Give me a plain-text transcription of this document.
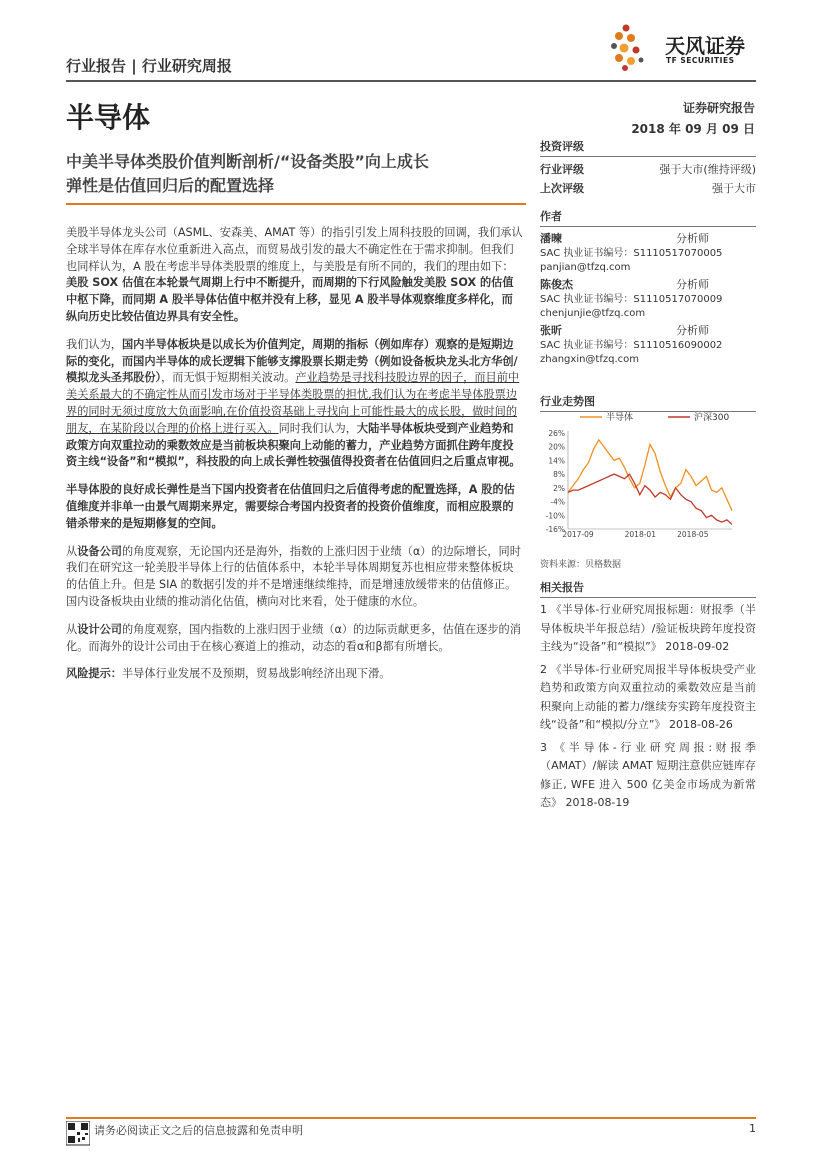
行业报告 | 行业研究周报
半导体	证券研究报告
2018 年 09 月 09 日
天风证券
TF SECURITIES
中美半导体类股价值判断剖析/“设备类股”向上成长
弹性是估值回归后的配置选择

美股半导体龙头公司（ASML、安森美、AMAT 等）的指引引发上周科技股的回调，我们承认全球半导体在库存水位重新进入高点，而贸易战引发的最大不确定性在于需求抑制。但我们也同样认为，A 股在考虑半导体类股票的维度上，与美股是有所不同的，我们的理由如下：美股 SOX 估值在本轮景气周期上行中不断提升，而周期的下行风险触发美股 SOX 的估值中枢下降，而同期 A 股半导体估值中枢并没有上移，显见 A 股半导体观察维度多样化，而纵向历史比较估值边界具有安全性。

我们认为，国内半导体板块是以成长为价值判定，周期的指标（例如库存）观察的是短期边际的变化，而国内半导体的成长逻辑下能够支撑股票长期走势（例如设备板块龙头北方华创/模拟龙头圣邦股份），而无惧于短期相关波动。产业趋势是寻找科技股边界的因子，而目前中美关系最大的不确定性从而引发市场对于半导体类股票的担忧,我们认为在考虑半导体股票边界的同时无须过度放大负面影响,在价值投资基础上寻找向上可能性最大的成长股，做时间的朋友，在某阶段以合理的价格上进行买入。同时我们认为，大陆半导体板块受到产业趋势和政策方向双重拉动的乘数效应是当前板块积聚向上动能的蓄力，产业趋势方面抓住跨年度投资主线“设备”和“模拟”，科技股的向上成长弹性较强值得投资者在估值回归之后重点审视。

半导体股的良好成长弹性是当下国内投资者在估值回归之后值得考虑的配置选择，A 股的估值维度并非单一由景气周期来界定，需要综合考国内投资者的投资价值维度，而相应股票的错杀带来的是短期修复的空间。

从设备公司的角度观察，无论国内还是海外，指数的上涨归因于业绩（α）的边际增长，同时我们在研究这一轮美股半导体上行的估值体系中，本轮半导体周期复苏也相应带来整体板块的估值上升。但是 SIA 的数据引发的并不是增速继续维持，而是增速放缓带来的估值修正。国内设备板块由业绩的推动消化估值，横向对比来看，处于健康的水位。

从设计公司的角度观察，国内指数的上涨归因于业绩（α）的边际贡献更多，估值在逐步的消化。而海外的设计公司由于在核心赛道上的推动，动态的看α和β都有所增长。

风险提示：半导体行业发展不及预期，贸易战影响经济出现下滑。

投资评级
行业评级	强于大市(维持评级)
上次评级	强于大市
作者
潘暕	分析师
SAC 执业证书编号：S1110517070005
panjian@tfzq.com
陈俊杰	分析师
SAC 执业证书编号：S1110517070009
chenjunjie@tfzq.com
张昕	分析师
SAC 执业证书编号：S1110516090002
zhangxin@tfzq.com
行业走势图
相关报告
1 《半导体-行业研究周报标题：财报季（半导体板块半年报总结）/验证板块跨年度投资主线为“设备”和“模拟”》 2018-09-02
2 《半导体-行业研究周报半导体板块受产业趋势和政策方向双重拉动的乘数效应是当前积聚向上动能的蓄力/继续夯实跨年度投资主线“设备”和“模拟/分立”》 2018-08-26
3 《半导体-行业研究周报:财报季（AMAT）/解读 AMAT 短期注意供应链库存修正, WFE 进入 500 亿美金市场成为新常态》 2018-08-19
半导体	沪深300
26%
20%
14%
8%
2%
-4%
-10%
-16%
2017-09	2018-01	2018-05
资料来源：贝格数据
请务必阅读正文之后的信息披露和免责申明	1
